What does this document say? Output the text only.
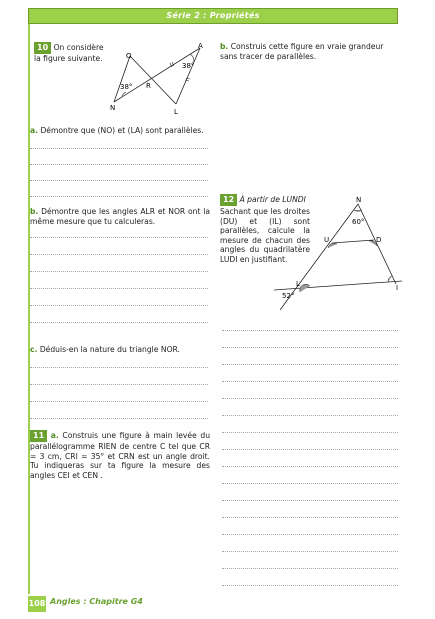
Série 2 : Propriétés
10 On considère la figure suivante.	O
A
N
R
L
38°
38°
a. Démontre que (NO) et (LA) sont parallèles.
b. Démontre que les angles ALR et NOR ont la même mesure que tu calculeras.
c. Déduis-en la nature du triangle NOR.
11 a. Construis une figure à main levée du parallélogramme RIEN de centre C tel que CR = 3 cm, CRI = 35° et CRN est un angle droit. Tu indiqueras sur ta figure la mesure des angles CEI et CEN .
b. Construis cette figure en vraie grandeur sans tracer de parallèles.
12 À partir de LUNDI
Sachant que les droites (DU) et (IL) sont parallèles, calcule la mesure de chacun des angles du quadrilatère LUDI en justifiant.
N
U	D
L	I
60°
52°
108 Angles : Chapitre G4
